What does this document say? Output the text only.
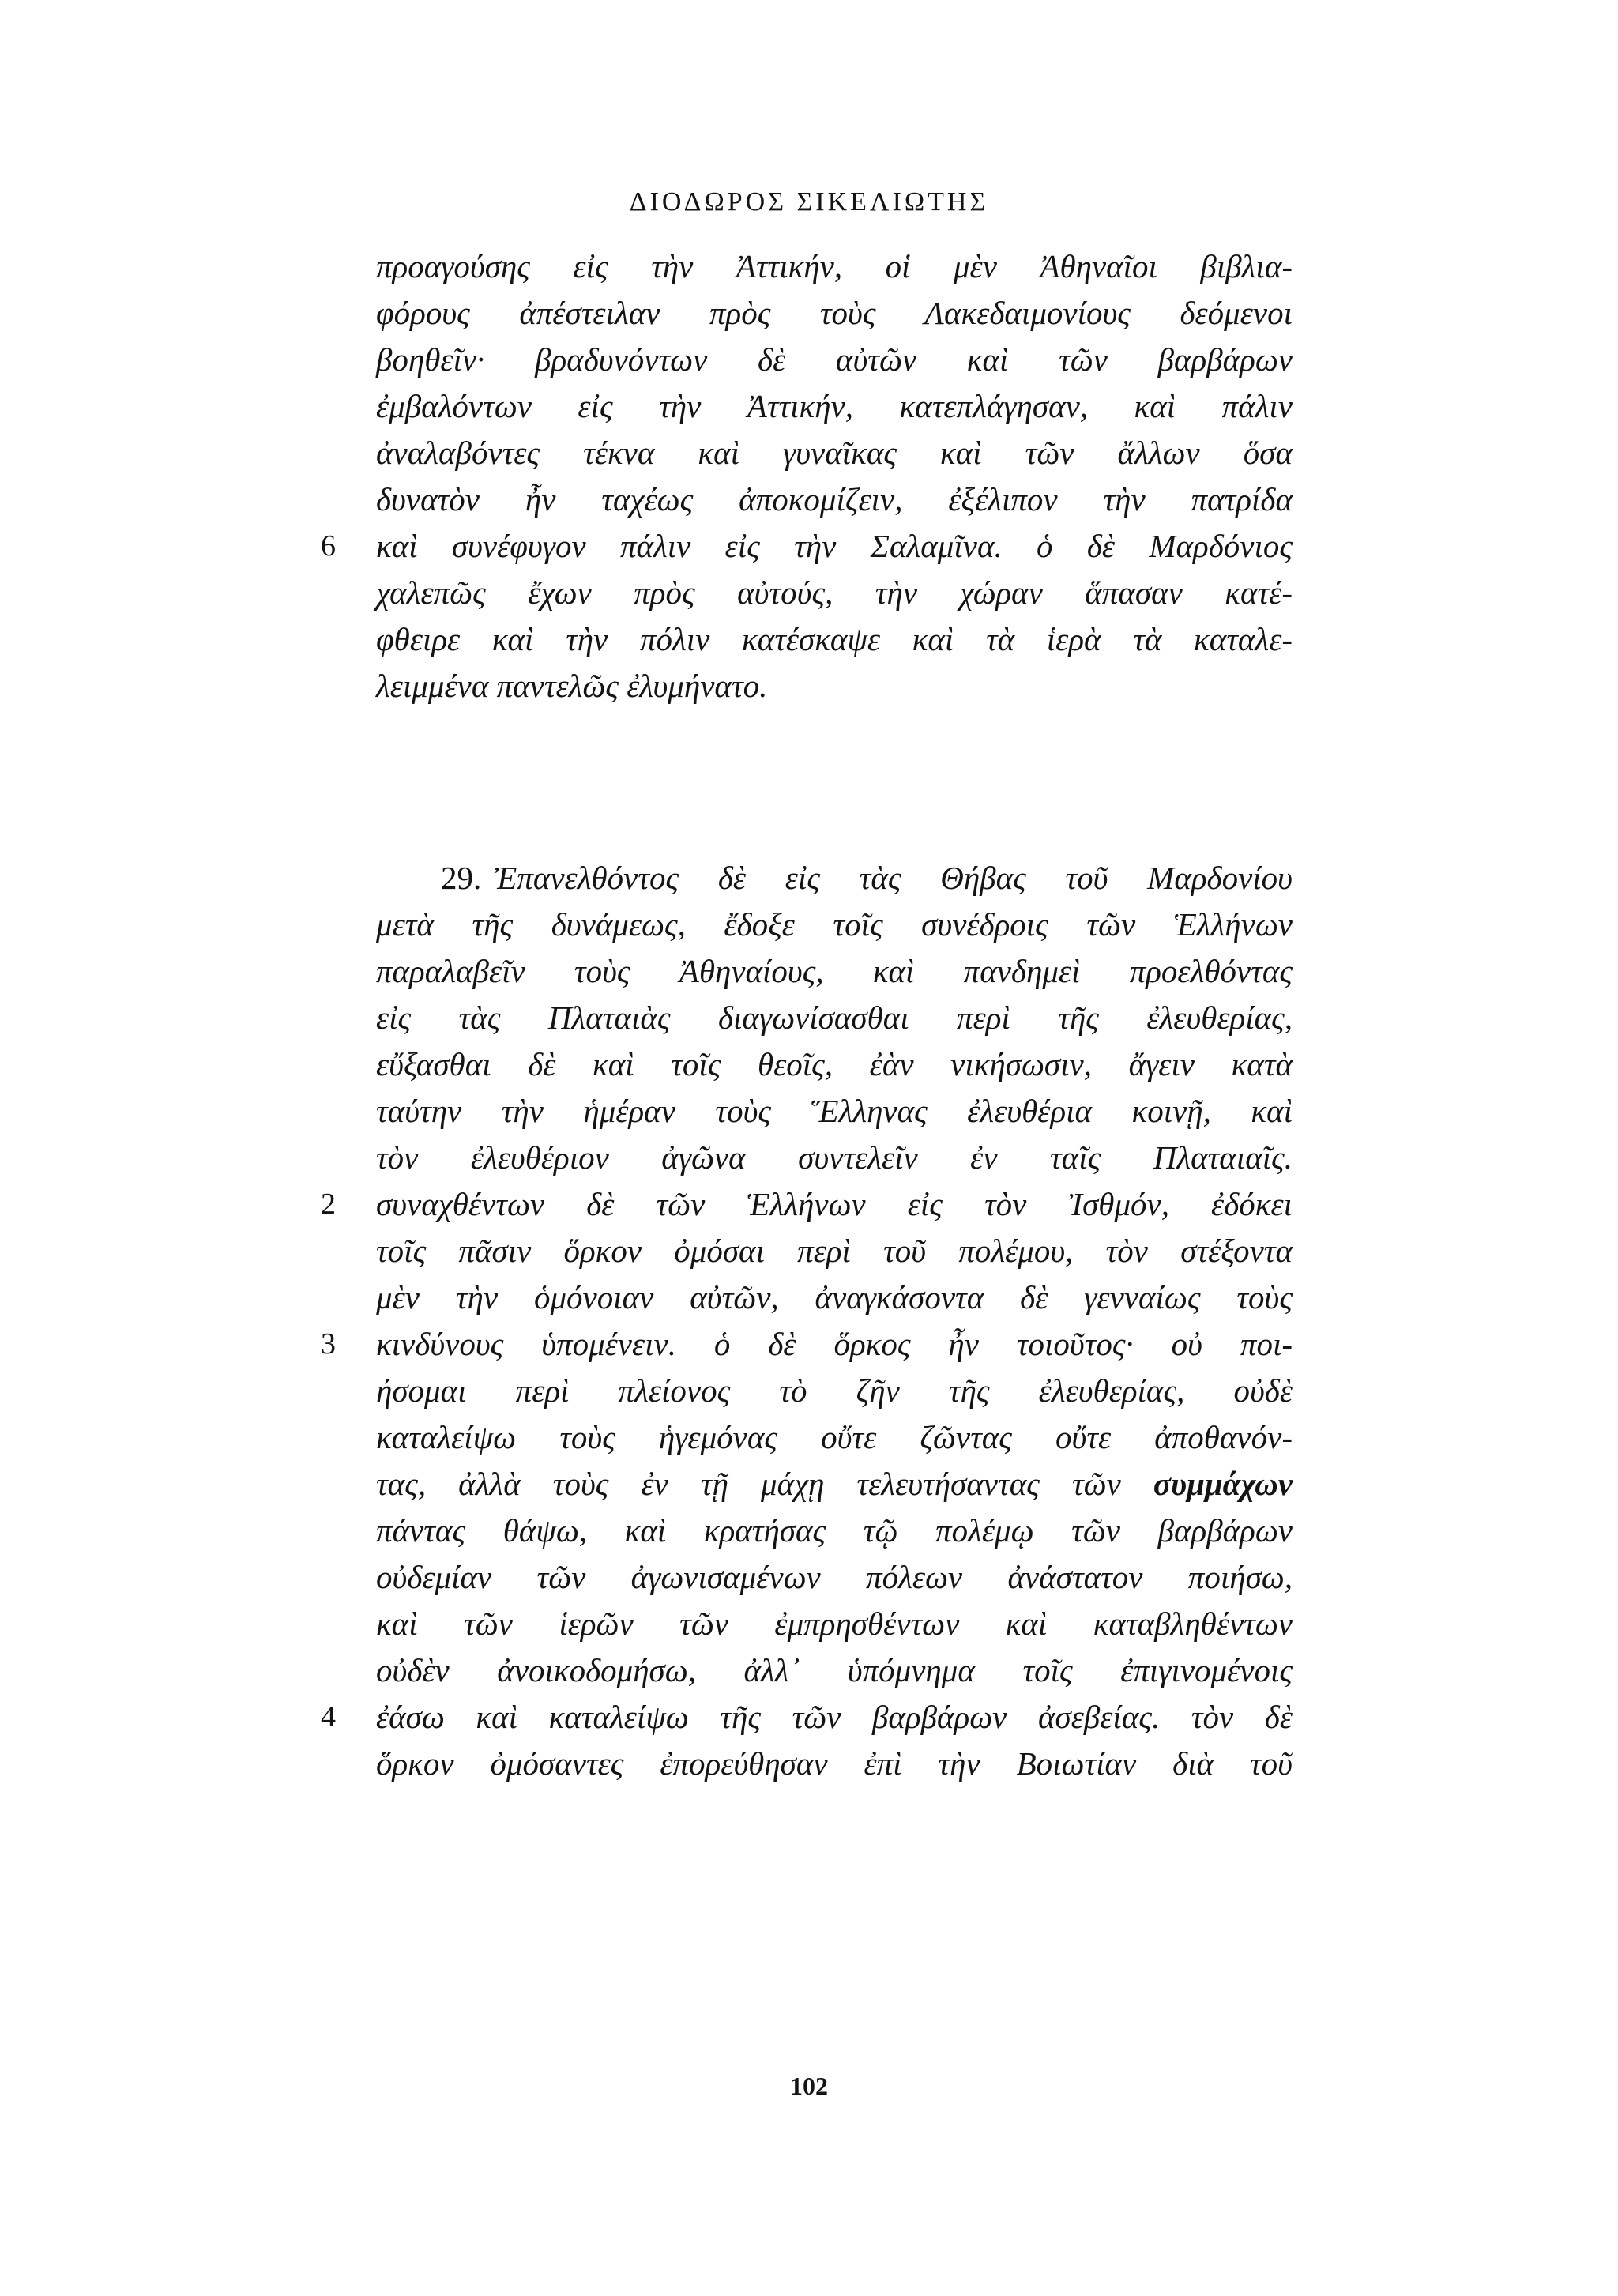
ΔΙΟΔΩΡΟΣ ΣΙΚΕΛΙΩΤΗΣ
προαγούσης εἰς τὴν Ἀττικήν, οἱ μὲν Ἀθηναῖοι βιβλια-
φόρους ἀπέστειλαν πρὸς τοὺς Λακεδαιμονίους δεόμενοι
βοηθεῖν· βραδυνόντων δὲ αὐτῶν καὶ τῶν βαρβάρων
ἐμβαλόντων εἰς τὴν Ἀττικήν, κατεπλάγησαν, καὶ πάλιν
ἀναλαβόντες τέκνα καὶ γυναῖκας καὶ τῶν ἄλλων ὅσα
δυνατὸν ἦν ταχέως ἀποκομίζειν, ἐξέλιπον τὴν πατρίδα
6	καὶ συνέφυγον πάλιν εἰς τὴν Σαλαμῖνα. ὁ δὲ Μαρδόνιος
χαλεπῶς ἔχων πρὸς αὐτούς, τὴν χώραν ἅπασαν κατέ-
φθειρε καὶ τὴν πόλιν κατέσκαψε καὶ τὰ ἱερὰ τὰ καταλε-
λειμμένα παντελῶς ἐλυμήνατο.
29. Ἐπανελθόντος δὲ εἰς τὰς Θήβας τοῦ Μαρδονίου
μετὰ τῆς δυνάμεως, ἔδοξε τοῖς συνέδροις τῶν Ἑλλήνων
παραλαβεῖν τοὺς Ἀθηναίους, καὶ πανδημεὶ προελθόντας
εἰς τὰς Πλαταιὰς διαγωνίσασθαι περὶ τῆς ἐλευθερίας,
εὔξασθαι δὲ καὶ τοῖς θεοῖς, ἐὰν νικήσωσιν, ἄγειν κατὰ
ταύτην τὴν ἡμέραν τοὺς Ἕλληνας ἐλευθέρια κοινῇ, καὶ
τὸν ἐλευθέριον ἀγῶνα συντελεῖν ἐν ταῖς Πλαταιαῖς.
2	συναχθέντων δὲ τῶν Ἑλλήνων εἰς τὸν Ἰσθμόν, ἐδόκει
τοῖς πᾶσιν ὅρκον ὀμόσαι περὶ τοῦ πολέμου, τὸν στέξοντα
μὲν τὴν ὁμόνοιαν αὐτῶν, ἀναγκάσοντα δὲ γενναίως τοὺς
3	κινδύνους ὑπομένειν. ὁ δὲ ὅρκος ἦν τοιοῦτος· οὐ ποι-
ήσομαι περὶ πλείονος τὸ ζῆν τῆς ἐλευθερίας, οὐδὲ
καταλείψω τοὺς ἡγεμόνας οὔτε ζῶντας οὔτε ἀποθανόν-
τας, ἀλλὰ τοὺς ἐν τῇ μάχῃ τελευτήσαντας τῶν συμμάχων
πάντας θάψω, καὶ κρατήσας τῷ πολέμῳ τῶν βαρβάρων
οὐδεμίαν τῶν ἀγωνισαμένων πόλεων ἀνάστατον ποιήσω,
καὶ τῶν ἱερῶν τῶν ἐμπρησθέντων καὶ καταβληθέντων
οὐδὲν ἀνοικοδομήσω, ἀλλ᾽ ὑπόμνημα τοῖς ἐπιγινομένοις
4	ἐάσω καὶ καταλείψω τῆς τῶν βαρβάρων ἀσεβείας. τὸν δὲ
ὅρκον ὀμόσαντες ἐπορεύθησαν ἐπὶ τὴν Βοιωτίαν διὰ τοῦ
102
